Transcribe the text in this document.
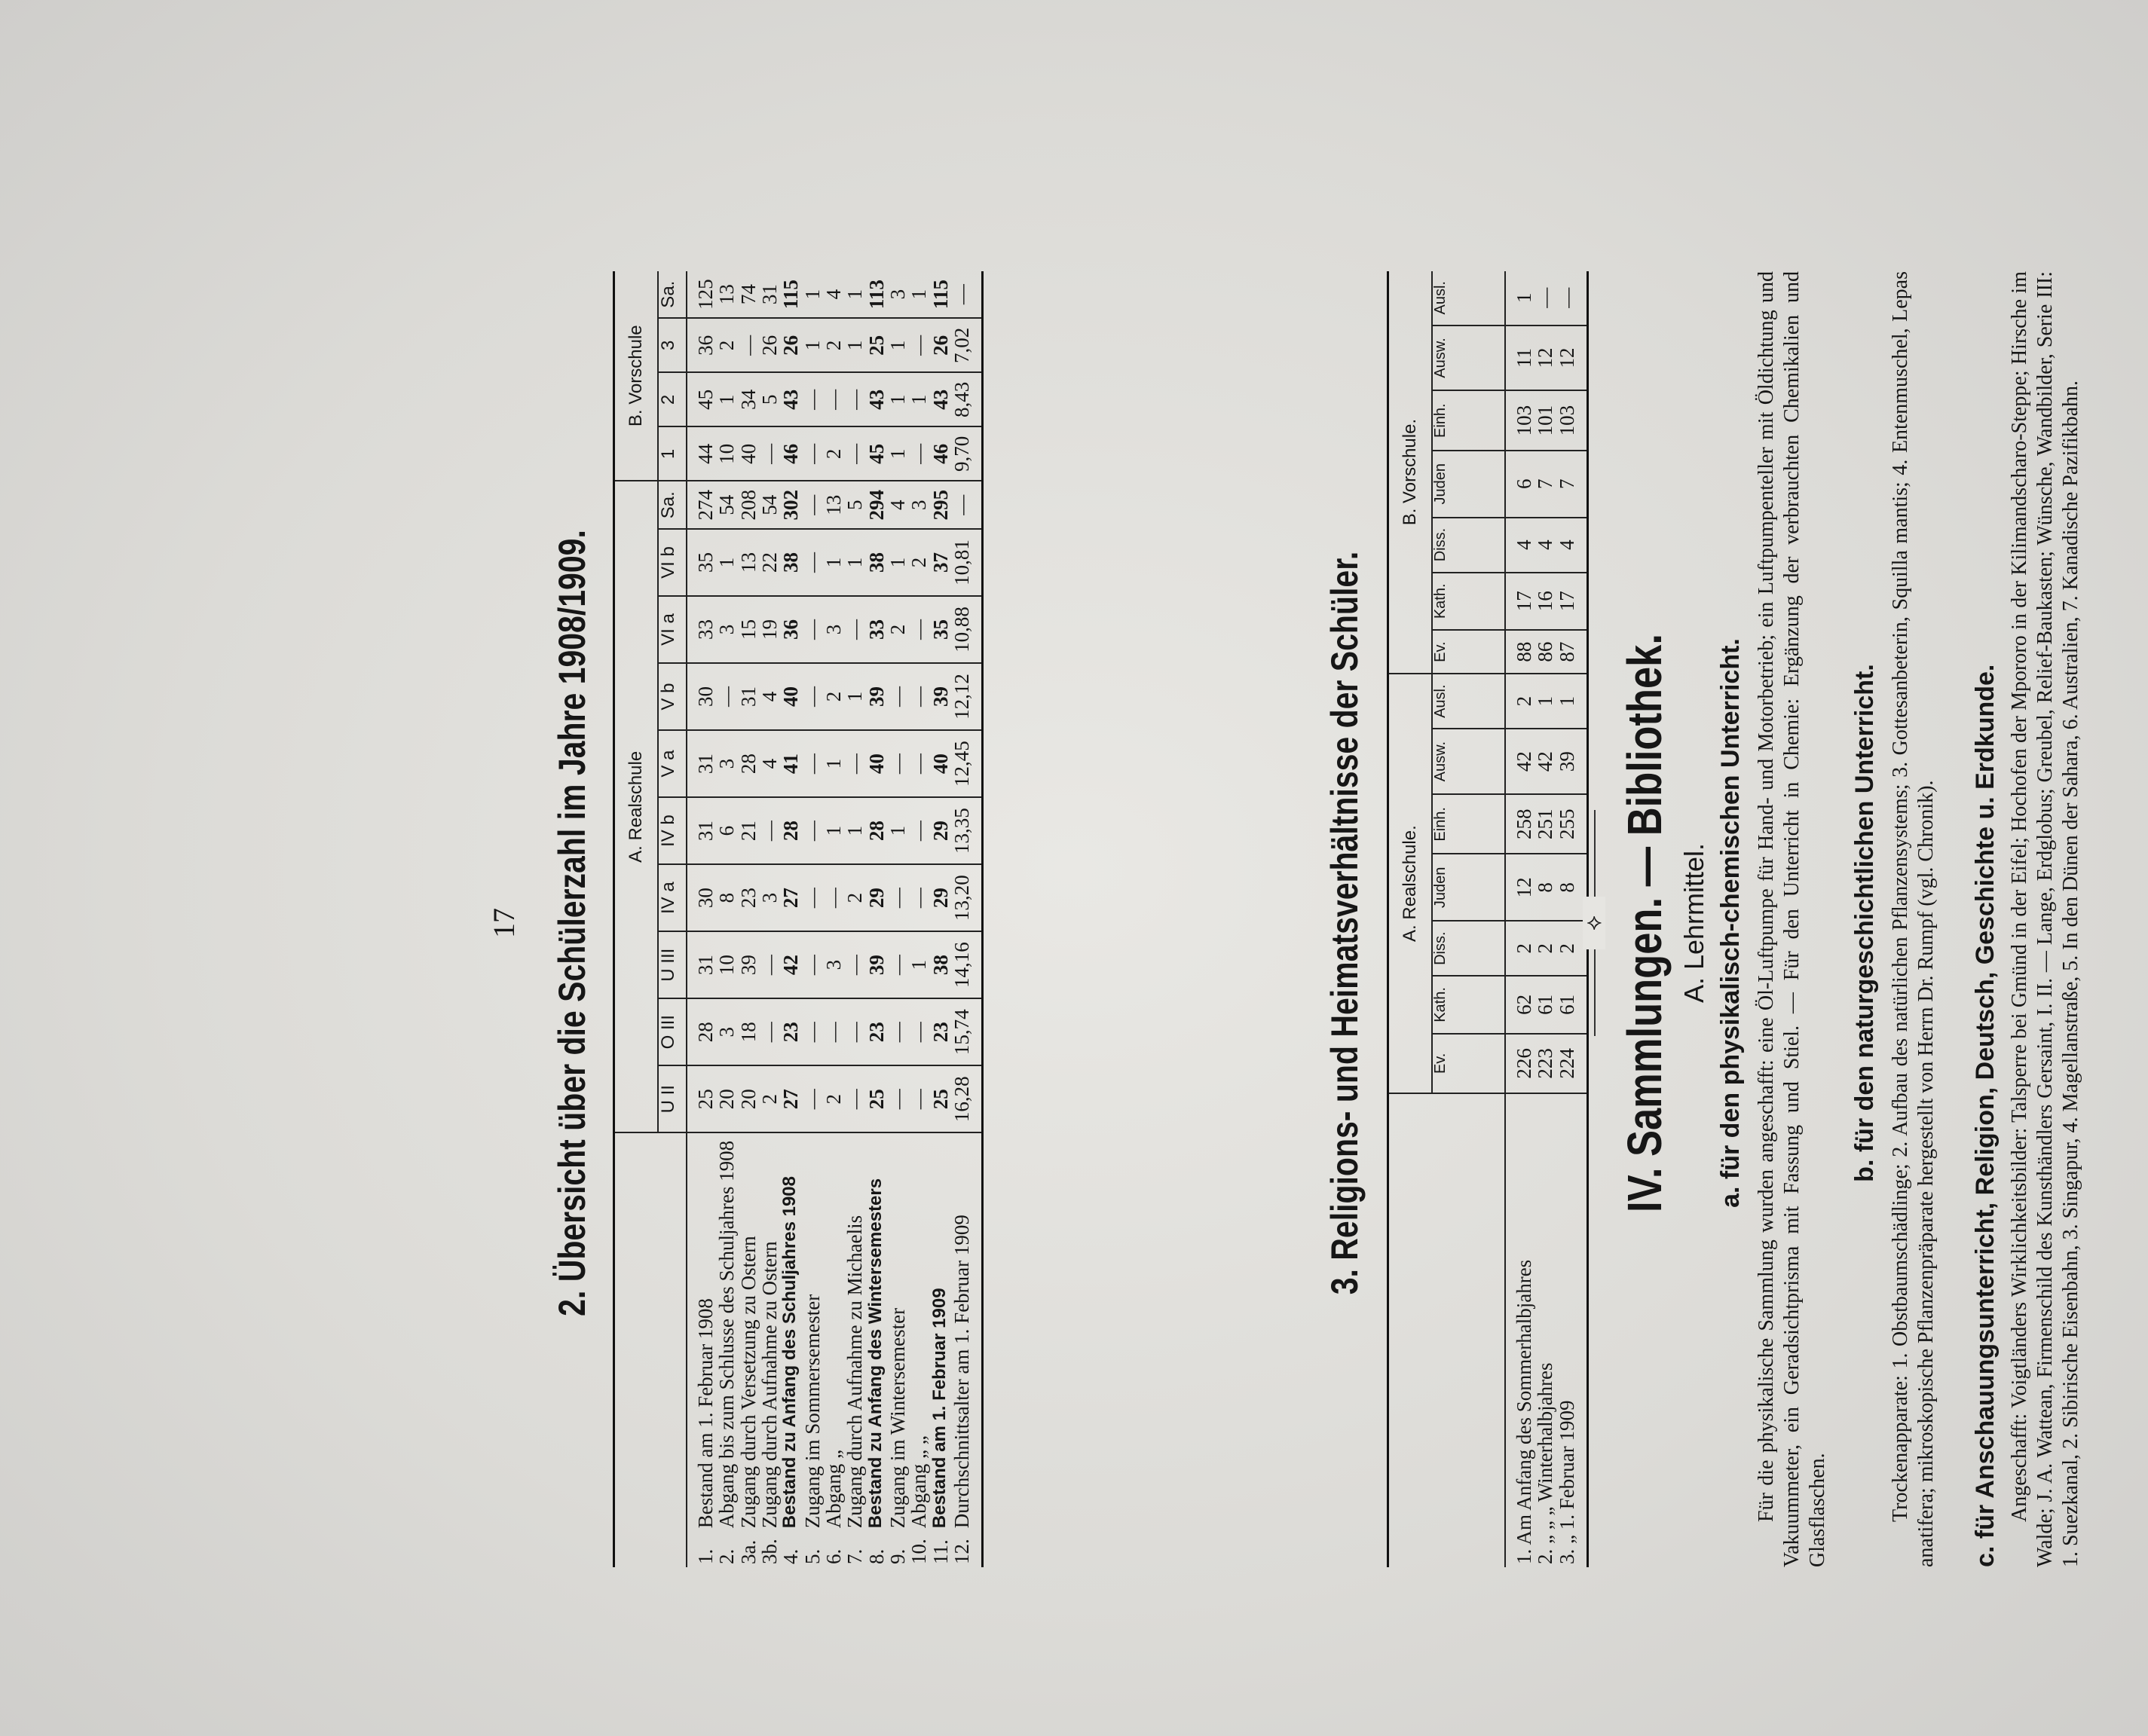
17 2. Übersicht über die Schülerzahl im Jahre 1908/1909.
		A. Realschule										B. Vorschule			
		U II	O III	U III	IV a	IV b	V a	V b	VI a	VI b	Sa.	1	2	3	Sa.
1.	Bestand am 1. Februar 1908	25	28	31	30	31	31	30	33	35	274	44	45	36	125
2.	Abgang bis zum Schlusse des Schuljahres 1908	20	3	10	8	6	3	—	3	1	54	10	1	2	13
3a.	Zugang durch Versetzung zu Ostern	20	18	39	23	21	28	31	15	13	208	40	34	—	74
3b.	Zugang durch Aufnahme zu Ostern	2	—	—	3	—	4	4	19	22	54	—	5	26	31
4.	Bestand zu Anfang des Schuljahres 1908	27	23	42	27	28	41	40	36	38	302	46	43	26	115
5.	Zugang im Sommersemester	—	—	—	—	—	—	—	—	—	—	—	—	1	1
6.	Abgang „	2	—	3	—	1	1	2	3	1	13	2	—	2	4
7.	Zugang durch Aufnahme zu Michaelis	—	—	—	2	1	—	1	—	1	5	—	—	1	1
8.	Bestand zu Anfang des Wintersemesters	25	23	39	29	28	40	39	33	38	294	45	43	25	113
9.	Zugang im Wintersemester	—	—	—	—	1	—	—	2	1	4	1	1	1	3
10.	Abgang „ „	—	—	1	—	—	—	—	—	2	3	—	1	—	1
11.	Bestand am 1. Februar 1909	25	23	38	29	29	40	39	35	37	295	46	43	26	115
12.	Durchschnittsalter am 1. Februar 1909	16,28	15,74	14,16	13,20	13,35	12,45	12,12	10,88	10,81	—	9,70	8,43	7,02	—
3. Religions- und Heimatsverhältnisse der Schüler.
	A. Realschule.							B. Vorschule.						
	Ev.	Kath.	Diss.	Juden	Einh.	Ausw.	Ausl.	Ev.	Kath.	Diss.	Juden	Einh.	Ausw.	Ausl.
1. Am Anfang des Sommerhalbjahres	226	62	2	12	258	42	2	88	17	4	6	103	11	1
2. „ „ „ Winterhalbjahres	223	61	2	8	251	42	1	86	16	4	7	101	12	—
3. „ 1. Februar 1909	224	61	2	8	255	39	1	87	17	4	7	103	12	—
⟡ IV. Sammlungen. — Bibliothek. A. Lehrmittel. a. für den physikalisch-chemischen Unterricht. Für die physikalische Sammlung wurden angeschafft: eine Öl-Luftpumpe für Hand- und Motorbetrieb; ein Luftpumpenteller mit Öldichtung und Vakuummeter, ein Geradsichtprisma mit Fassung und Stiel. — Für den Unterricht in Chemie: Ergänzung der verbrauchten Chemikalien und Glasflaschen.

b. für den naturgeschichtlichen Unterricht. Trockenapparate: 1. Obstbaumschädlinge; 2. Aufbau des natürlichen Pflanzensystems; 3. Gottesanbeterin, Squilla mantis; 4. Entenmuschel, Lepas anatifera; mikroskopische Pflanzenpräparate hergestellt von Herrn Dr. Rumpf (vgl. Chronik). c. für Anschauungsunterricht, Religion, Deutsch, Geschichte u. Erdkunde. Angeschafft: Voigtländers Wirklichkeitsbilder: Talsperre bei Gmünd in der Eifel; Hochofen der Mpororo in der Kilimandscharo-Steppe; Hirsche im Walde; J. A. Wattean, Firmenschild des Kunsthändlers Gersaint, I. II. — Lange, Erdglobus; Greubel, Relief-Baukasten; Wünsche, Wandbilder, Serie III: 1. Suezkanal, 2. Sibirische Eisenbahn, 3. Singapur, 4. Magellanstraße, 5. In den Dünen der Sahara, 6. Australien, 7. Kanadische Pazifikbahn.
